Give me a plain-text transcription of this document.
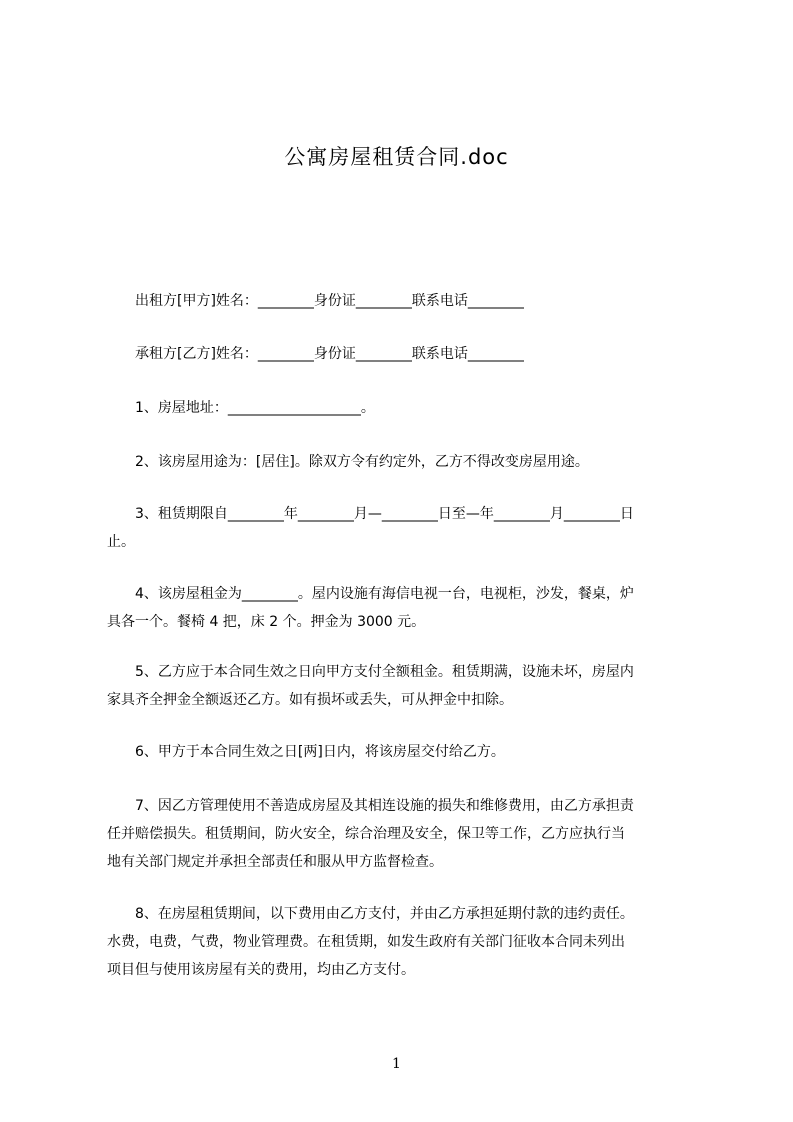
公寓房屋租赁合同.doc

　　出租方[甲方]姓名：________身份证________联系电话________

　　承租方[乙方]姓名：________身份证________联系电话________

　　1、房屋地址：___________________。

　　2、该房屋用途为：[居住]。除双方令有约定外，乙方不得改变房屋用途。

　　3、租赁期限自________年________月—________日至—年________月________日
止。

　　4、该房屋租金为________。屋内设施有海信电视一台，电视柜，沙发，餐桌，炉
具各一个。餐椅 4 把，床 2 个。押金为 3000 元。

　　5、乙方应于本合同生效之日向甲方支付全额租金。租赁期满，设施未坏，房屋内
家具齐全押金全额返还乙方。如有损坏或丢失，可从押金中扣除。

　　6、甲方于本合同生效之日[两]日内，将该房屋交付给乙方。

　　7、因乙方管理使用不善造成房屋及其相连设施的损失和维修费用，由乙方承担责
任并赔偿损失。租赁期间，防火安全，综合治理及安全，保卫等工作，乙方应执行当
地有关部门规定并承担全部责任和服从甲方监督检查。

　　8、在房屋租赁期间，以下费用由乙方支付，并由乙方承担延期付款的违约责任。
水费，电费，气费，物业管理费。在租赁期，如发生政府有关部门征收本合同未列出
项目但与使用该房屋有关的费用，均由乙方支付。

1
